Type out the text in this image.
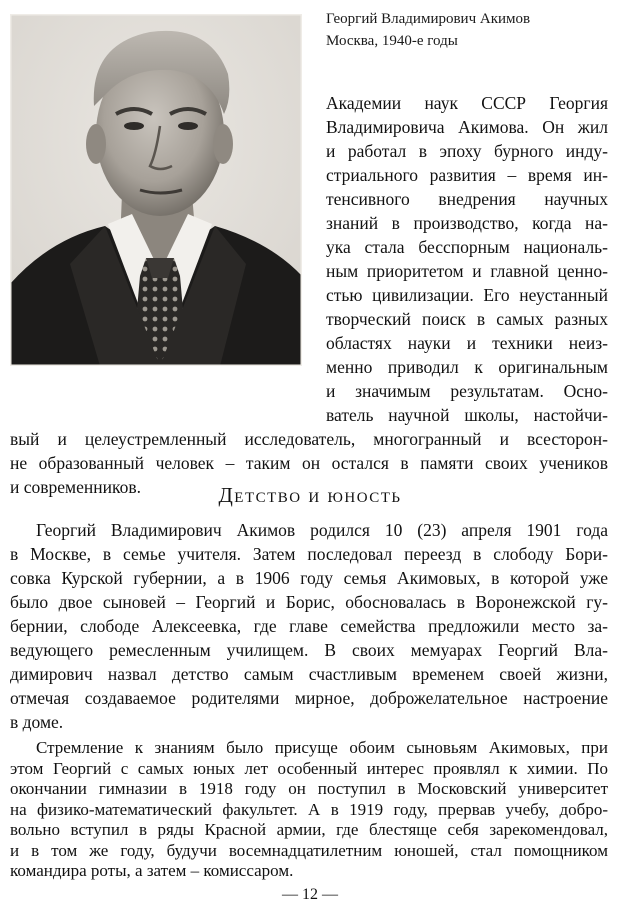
Георгий Владимирович Акимов
Москва, 1940-е годы
Академии наук СССР Георгия
Владимировича Акимова. Он жил
и работал в эпоху бурного инду-
стриального развития – время ин-
тенсивного внедрения научных
знаний в производство, когда на-
ука стала бесспорным националь-
ным приоритетом и главной ценно-
стью цивилизации. Его неустанный
творческий поиск в самых разных
областях науки и техники неиз-
менно приводил к оригинальным
и значимым результатам. Осно-
ватель научной школы, настойчи-
вый и целеустремленный исследователь, многогранный и всесторон-
не образованный человек – таким он остался в памяти своих учеников
и современников.	Детство и юность
Георгий Владимирович Акимов родился 10 (23) апреля 1901 года
в Москве, в семье учителя. Затем последовал переезд в слободу Бори-
совка Курской губернии, а в 1906 году семья Акимовых, в которой уже
было двое сыновей – Георгий и Борис, обосновалась в Воронежской гу-
бернии, слободе Алексеевка, где главе семейства предложили место за-
ведующего ремесленным училищем. В своих мемуарах Георгий Вла-
димирович назвал детство самым счастливым временем своей жизни,
отмечая создаваемое родителями мирное, доброжелательное настроение
в доме.
Стремление к знаниям было присуще обоим сыновьям Акимовых, при
этом Георгий с самых юных лет особенный интерес проявлял к химии. По
окончании гимназии в 1918 году он поступил в Московский университет
на физико-математический факультет. А в 1919 году, прервав учебу, добро-
вольно вступил в ряды Красной армии, где блестяще себя зарекомендовал,
и в том же году, будучи восемнадцатилетним юношей, стал помощником
командира роты, а затем – комиссаром.
— 12 —
